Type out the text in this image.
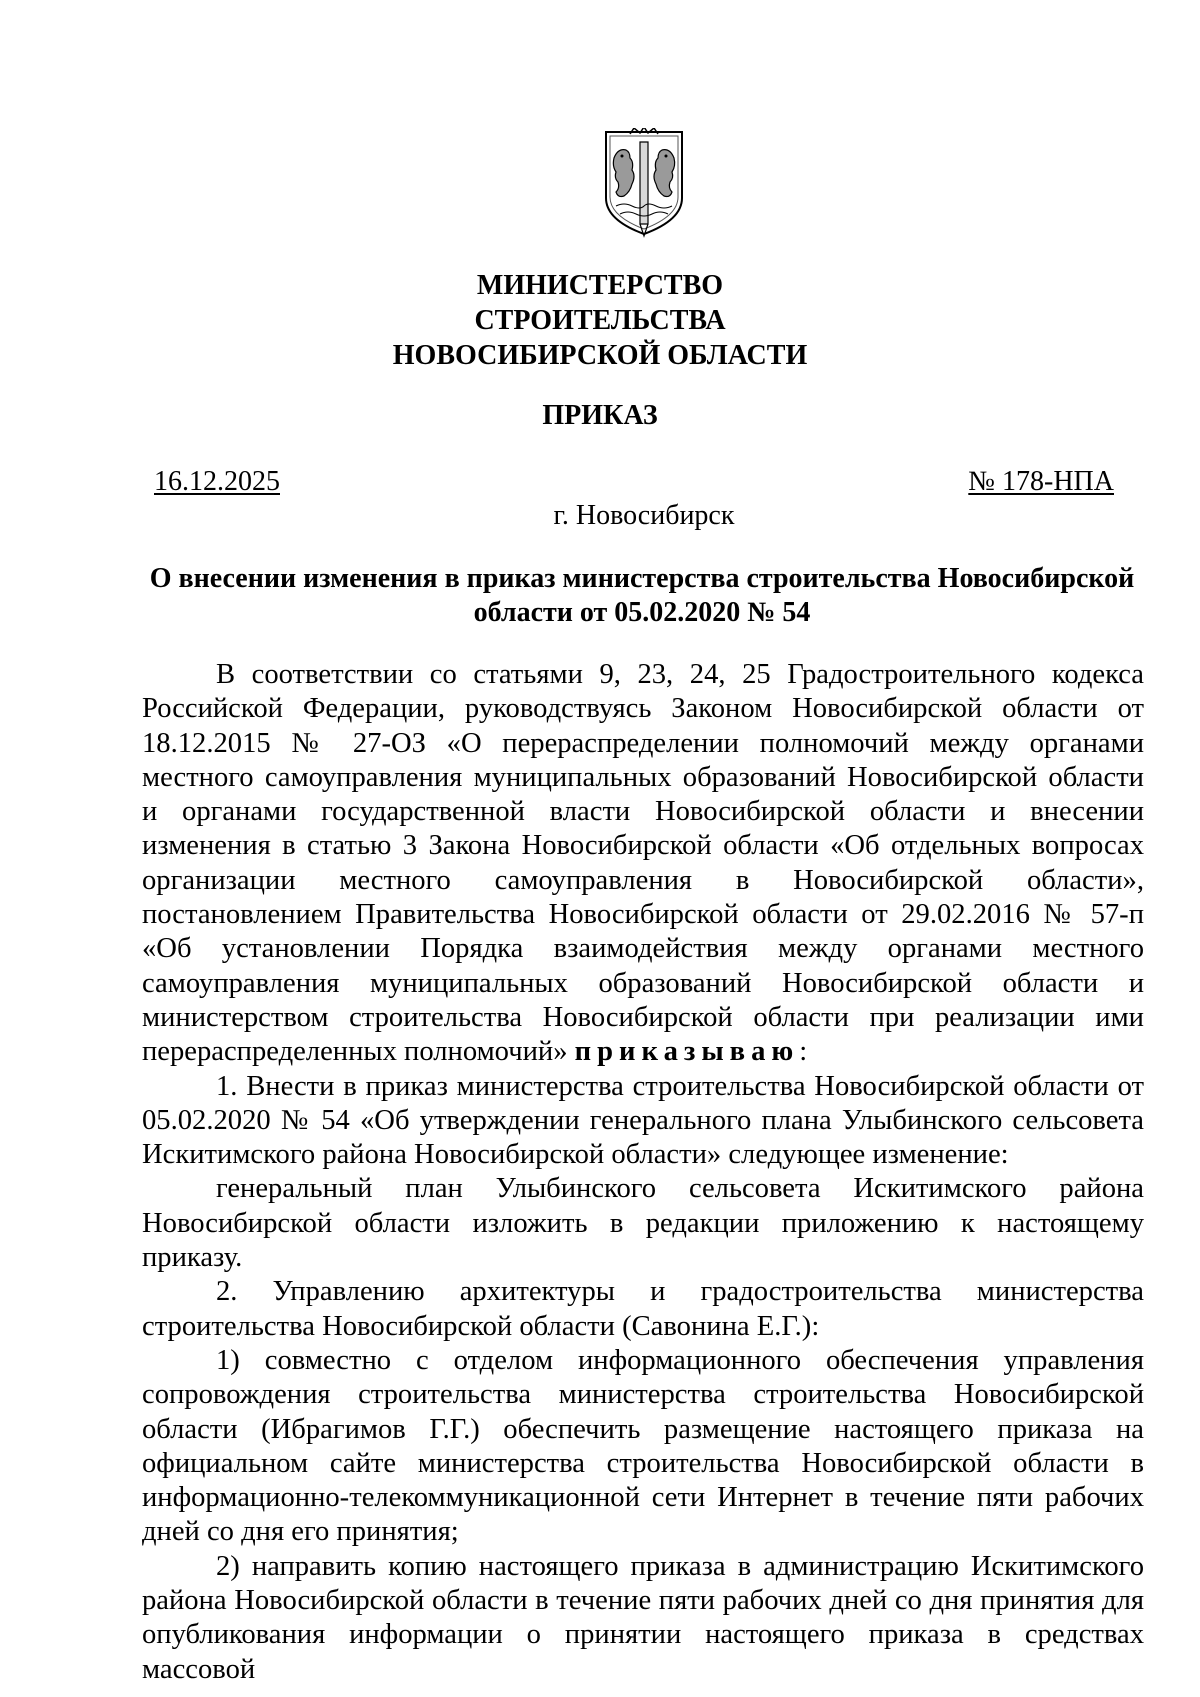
МИНИСТЕРСТВО
СТРОИТЕЛЬСТВА
НОВОСИБИРСКОЙ ОБЛАСТИ
ПРИКАЗ
16.12.2025	№ 178-НПА
г. Новосибирск
О внесении изменения в приказ министерства строительства Новосибирской
области от 05.02.2020 № 54

В соответствии со статьями 9, 23, 24, 25 Градостроительного кодекса Российской Федерации, руководствуясь Законом Новосибирской области от 18.12.2015 № 27-ОЗ «О перераспределении полномочий между органами местного самоуправления муниципальных образований Новосибирской области и органами государственной власти Новосибирской области и внесении изменения в статью 3 Закона Новосибирской области «Об отдельных вопросах организации местного самоуправления в Новосибирской области», постановлением Правительства Новосибирской области от 29.02.2016 № 57-п «Об установлении Порядка взаимодействия между органами местного самоуправления муниципальных образований Новосибирской области и министерством строительства Новосибирской области при реализации ими перераспределенных полномочий» приказываю:

1. Внести в приказ министерства строительства Новосибирской области от 05.02.2020 № 54 «Об утверждении генерального плана Улыбинского сельсовета Искитимского района Новосибирской области» следующее изменение:

генеральный план Улыбинского сельсовета Искитимского района Новосибирской области изложить в редакции приложению к настоящему приказу.

2. Управлению архитектуры и градостроительства министерства строительства Новосибирской области (Савонина Е.Г.):

1) совместно с отделом информационного обеспечения управления сопровождения строительства министерства строительства Новосибирской области (Ибрагимов Г.Г.) обеспечить размещение настоящего приказа на официальном сайте министерства строительства Новосибирской области в информационно-телекоммуникационной сети Интернет в течение пяти рабочих дней со дня его принятия;

2) направить копию настоящего приказа в администрацию Искитимского района Новосибирской области в течение пяти рабочих дней со дня принятия для опубликования информации о принятии настоящего приказа в средствах массовой
